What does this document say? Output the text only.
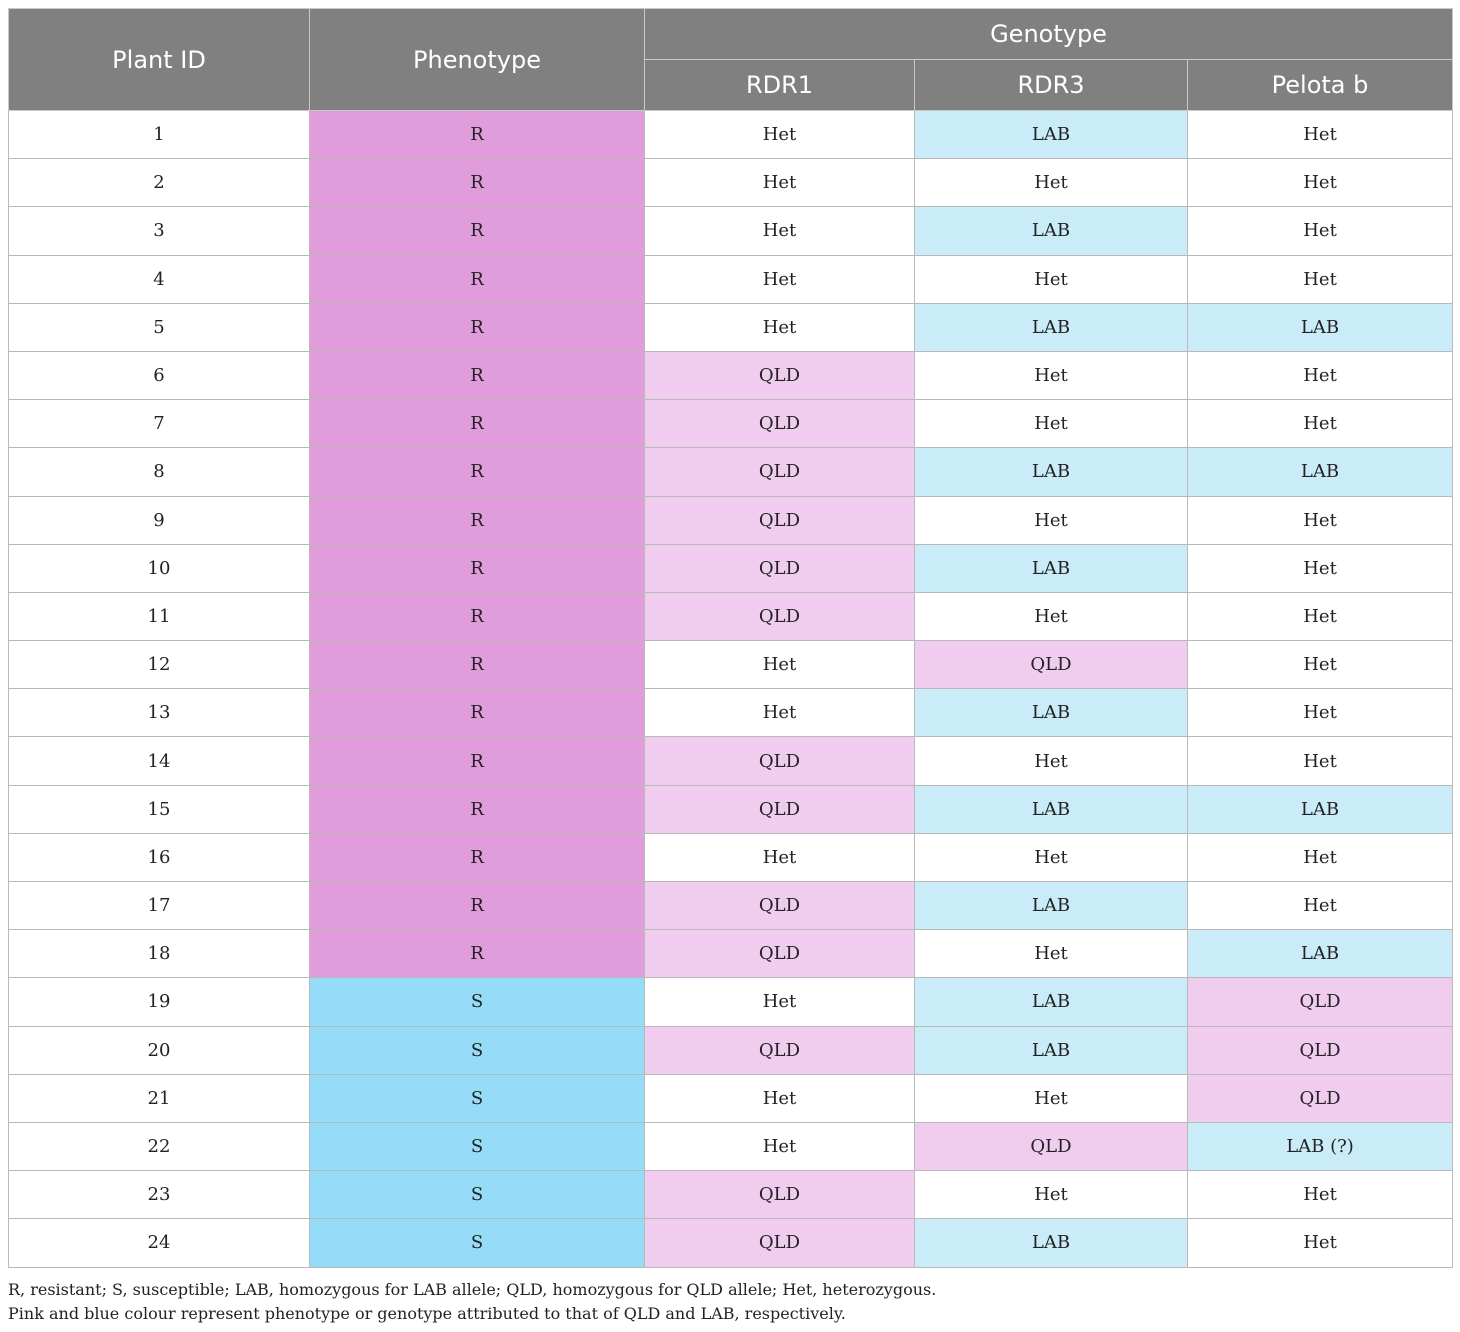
Plant ID	Phenotype	Genotype		
		RDR1	RDR3	Pelota b
1	R	Het	LAB	Het
2	R	Het	Het	Het
3	R	Het	LAB	Het
4	R	Het	Het	Het
5	R	Het	LAB	LAB
6	R	QLD	Het	Het
7	R	QLD	Het	Het
8	R	QLD	LAB	LAB
9	R	QLD	Het	Het
10	R	QLD	LAB	Het
11	R	QLD	Het	Het
12	R	Het	QLD	Het
13	R	Het	LAB	Het
14	R	QLD	Het	Het
15	R	QLD	LAB	LAB
16	R	Het	Het	Het
17	R	QLD	LAB	Het
18	R	QLD	Het	LAB
19	S	Het	LAB	QLD
20	S	QLD	LAB	QLD
21	S	Het	Het	QLD
22	S	Het	QLD	LAB (?)
23	S	QLD	Het	Het
24	S	QLD	LAB	Het
R, resistant; S, susceptible; LAB, homozygous for LAB allele; QLD, homozygous for QLD allele; Het, heterozygous.
Pink and blue colour represent phenotype or genotype attributed to that of QLD and LAB, respectively.
